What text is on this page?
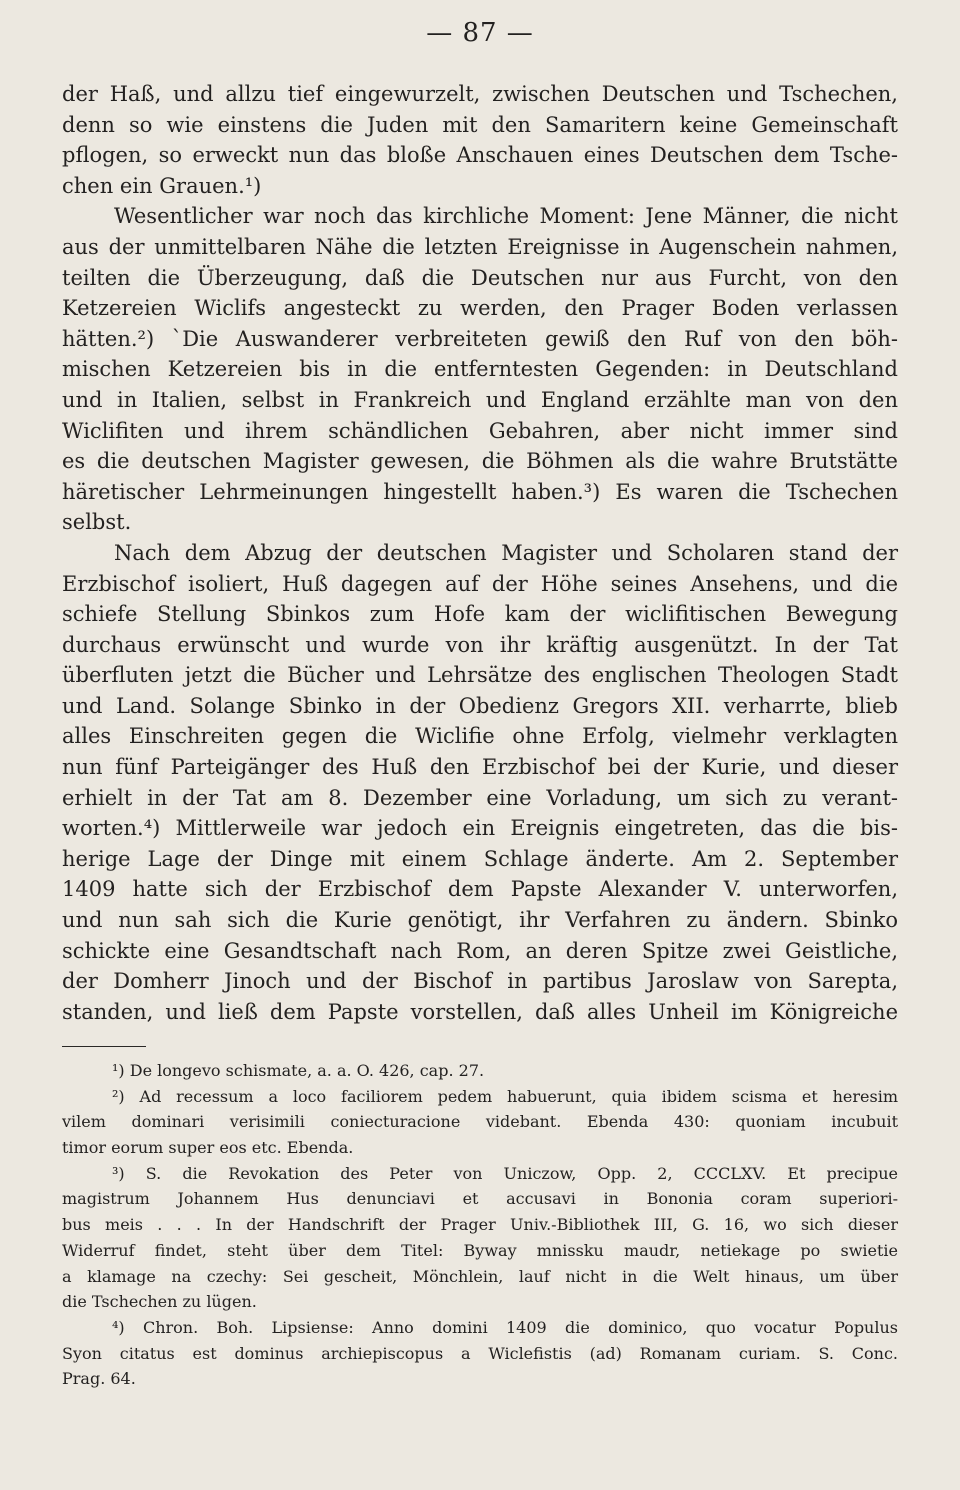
— 87 —
der Haß, und allzu tief eingewurzelt, zwischen Deutschen und Tschechen,
denn so wie einstens die Juden mit den Samaritern keine Gemeinschaft
pflogen, so erweckt nun das bloße Anschauen eines Deutschen dem Tsche-
chen ein Grauen.¹)
Wesentlicher war noch das kirchliche Moment: Jene Männer, die nicht
aus der unmittelbaren Nähe die letzten Ereignisse in Augenschein nahmen,
teilten die Überzeugung, daß die Deutschen nur aus Furcht, von den
Ketzereien Wiclifs angesteckt zu werden, den Prager Boden verlassen
hätten.²) `Die Auswanderer verbreiteten gewiß den Ruf von den böh-
mischen Ketzereien bis in die entferntesten Gegenden: in Deutschland
und in Italien, selbst in Frankreich und England erzählte man von den
Wiclifiten und ihrem schändlichen Gebahren, aber nicht immer sind
es die deutschen Magister gewesen, die Böhmen als die wahre Brutstätte
häretischer Lehrmeinungen hingestellt haben.³) Es waren die Tschechen
selbst.
Nach dem Abzug der deutschen Magister und Scholaren stand der
Erzbischof isoliert, Huß dagegen auf der Höhe seines Ansehens, und die
schiefe Stellung Sbinkos zum Hofe kam der wiclifitischen Bewegung
durchaus erwünscht und wurde von ihr kräftig ausgenützt. In der Tat
überfluten jetzt die Bücher und Lehrsätze des englischen Theologen Stadt
und Land. Solange Sbinko in der Obedienz Gregors XII. verharrte, blieb
alles Einschreiten gegen die Wiclifie ohne Erfolg, vielmehr verklagten
nun fünf Parteigänger des Huß den Erzbischof bei der Kurie, und dieser
erhielt in der Tat am 8. Dezember eine Vorladung, um sich zu verant-
worten.⁴) Mittlerweile war jedoch ein Ereignis eingetreten, das die bis-
herige Lage der Dinge mit einem Schlage änderte. Am 2. September
1409 hatte sich der Erzbischof dem Papste Alexander V. unterworfen,
und nun sah sich die Kurie genötigt, ihr Verfahren zu ändern. Sbinko
schickte eine Gesandtschaft nach Rom, an deren Spitze zwei Geistliche,
der Domherr Jinoch und der Bischof in partibus Jaroslaw von Sarepta,
standen, und ließ dem Papste vorstellen, daß alles Unheil im Königreiche
¹) De longevo schismate, a. a. O. 426, cap. 27.
²) Ad recessum a loco faciliorem pedem habuerunt, quia ibidem scisma et heresim
vilem dominari verisimili coniecturacione videbant. Ebenda 430: quoniam incubuit
timor eorum super eos etc. Ebenda.
³) S. die Revokation des Peter von Uniczow, Opp. 2, CCCLXV. Et precipue
magistrum Johannem Hus denunciavi et accusavi in Bononia coram superiori-
bus meis . . . In der Handschrift der Prager Univ.-Bibliothek III, G. 16, wo sich dieser
Widerruf findet, steht über dem Titel: Byway mnissku maudr, netiekage po swietie
a klamage na czechy: Sei gescheit, Mönchlein, lauf nicht in die Welt hinaus, um über
die Tschechen zu lügen.
⁴) Chron. Boh. Lipsiense: Anno domini 1409 die dominico, quo vocatur Populus
Syon citatus est dominus archiepiscopus a Wiclefistis (ad) Romanam curiam. S. Conc.
Prag. 64.
